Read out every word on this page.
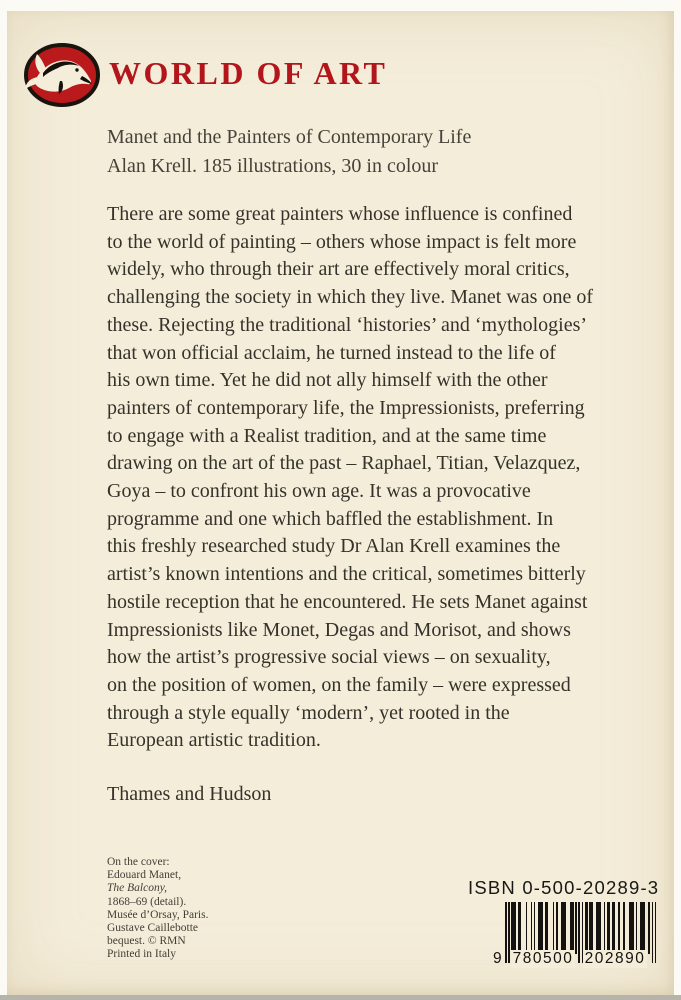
WORLD OF ART
Manet and the Painters of Contemporary Life
Alan Krell. 185 illustrations, 30 in colour
There are some great painters whose influence is confined
to the world of painting – others whose impact is felt more
widely, who through their art are effectively moral critics,
challenging the society in which they live. Manet was one of
these. Rejecting the traditional ‘histories’ and ‘mythologies’
that won official acclaim, he turned instead to the life of
his own time. Yet he did not ally himself with the other
painters of contemporary life, the Impressionists, preferring
to engage with a Realist tradition, and at the same time
drawing on the art of the past – Raphael, Titian, Velazquez,
Goya – to confront his own age. It was a provocative
programme and one which baffled the establishment. In
this freshly researched study Dr Alan Krell examines the
artist’s known intentions and the critical, sometimes bitterly
hostile reception that he encountered. He sets Manet against
Impressionists like Monet, Degas and Morisot, and shows
how the artist’s progressive social views – on sexuality,
on the position of women, on the family – were expressed
through a style equally ‘modern’, yet rooted in the
European artistic tradition.
Thames and Hudson
On the cover:
Edouard Manet,
The Balcony,
1868–69 (detail).
Musée d’Orsay, Paris.
Gustave Caillebotte
bequest. © RMN
Printed in Italy
ISBN 0-500-20289-3
9 780500 202890
